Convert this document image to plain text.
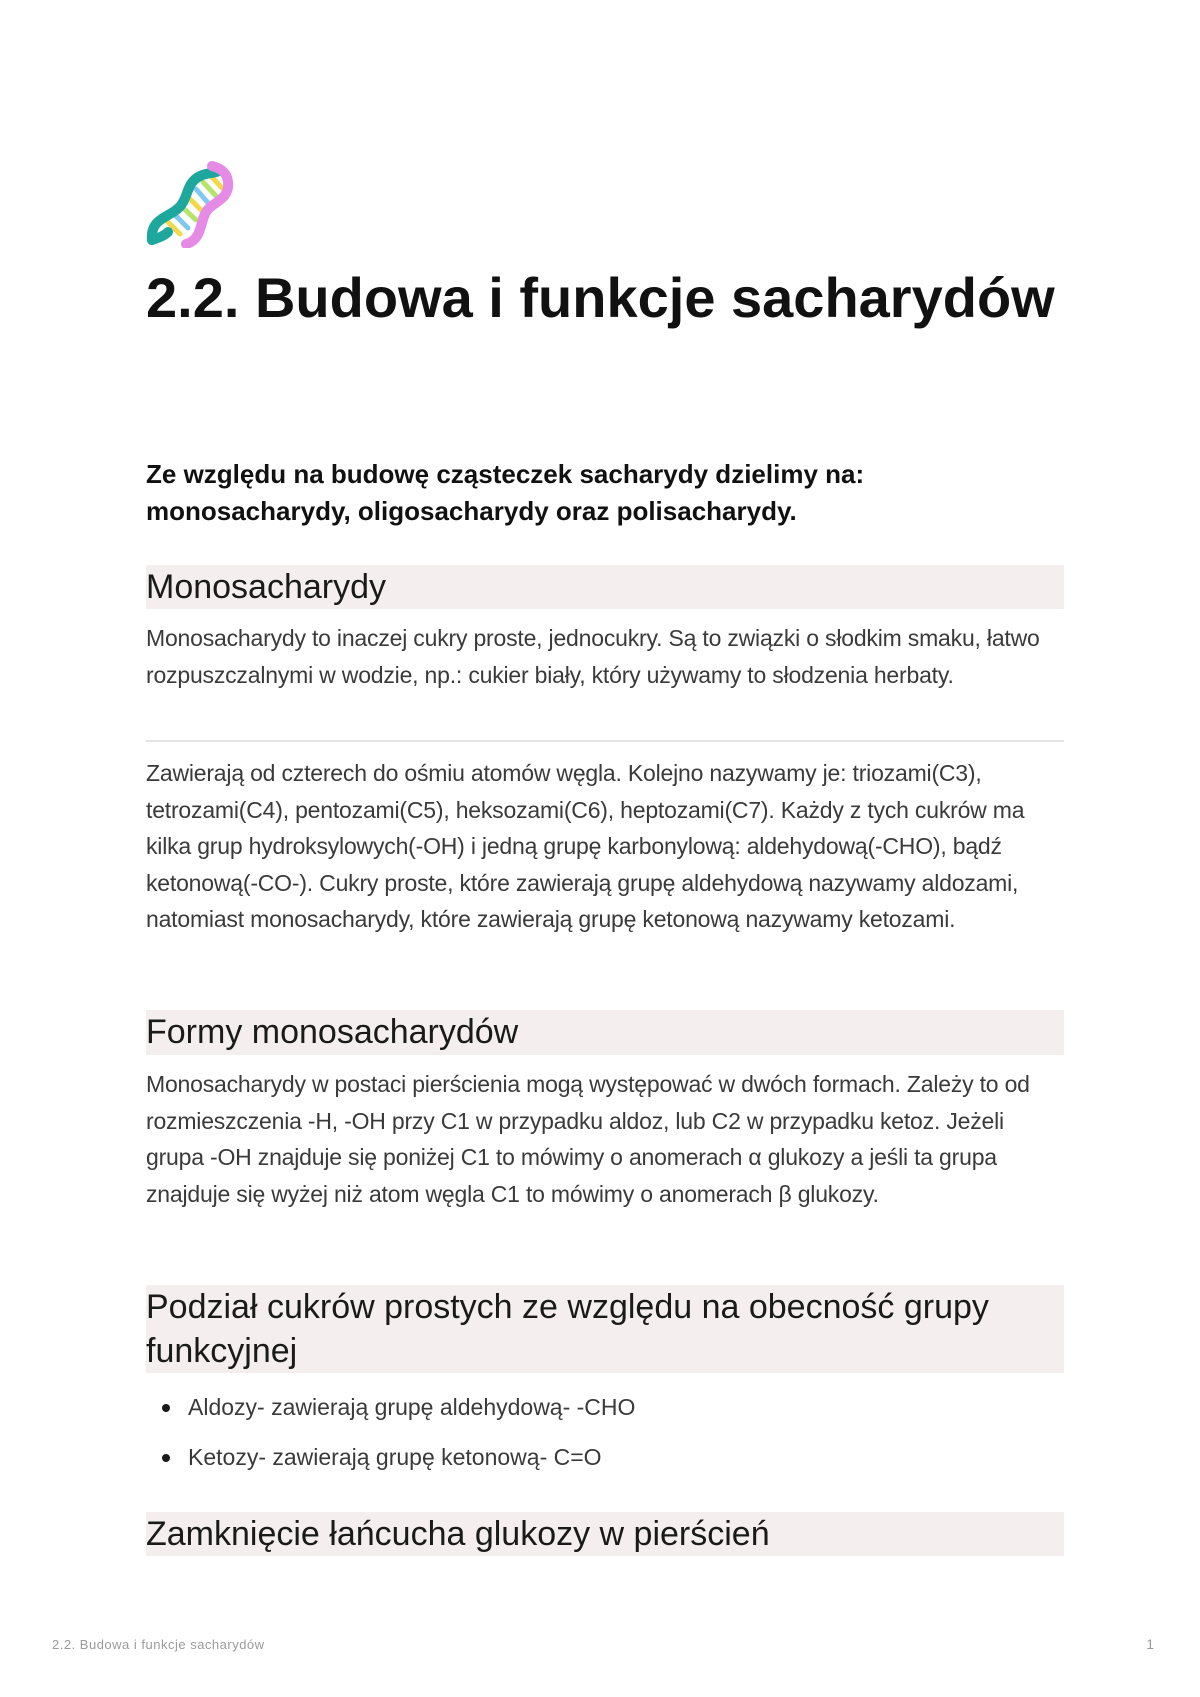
2.2. Budowa i funkcje sacharydów

Ze względu na budowę cząsteczek sacharydy dzielimy na: monosacharydy, oligosacharydy oraz polisacharydy.

Monosacharydy

Monosacharydy to inaczej cukry proste, jednocukry. Są to związki o słodkim smaku, łatwo rozpuszczalnymi w wodzie, np.: cukier biały, który używamy to słodzenia herbaty.

Zawierają od czterech do ośmiu atomów węgla. Kolejno nazywamy je: triozami(C3), tetrozami(C4), pentozami(C5), heksozami(C6), heptozami(C7). Każdy z tych cukrów ma kilka grup hydroksylowych(-OH) i jedną grupę karbonylową: aldehydową(-CHO), bądź ketonową(-CO-). Cukry proste, które zawierają grupę aldehydową nazywamy aldozami, natomiast monosacharydy, które zawierają grupę ketonową nazywamy ketozami.

Formy monosacharydów

Monosacharydy w postaci pierścienia mogą występować w dwóch formach. Zależy to od rozmieszczenia -H, -OH przy C1 w przypadku aldoz, lub C2 w przypadku ketoz. Jeżeli grupa -OH znajduje się poniżej C1 to mówimy o anomerach α glukozy a jeśli ta grupa znajduje się wyżej niż atom węgla C1 to mówimy o anomerach β glukozy.

Podział cukrów prostych ze względu na obecność grupy funkcyjnej
Aldozy- zawierają grupę aldehydową- -CHO
Ketozy- zawierają grupę ketonową- C=O
Zamknięcie łańcucha glukozy w pierścień
2.2. Budowa i funkcje sacharydów	1
